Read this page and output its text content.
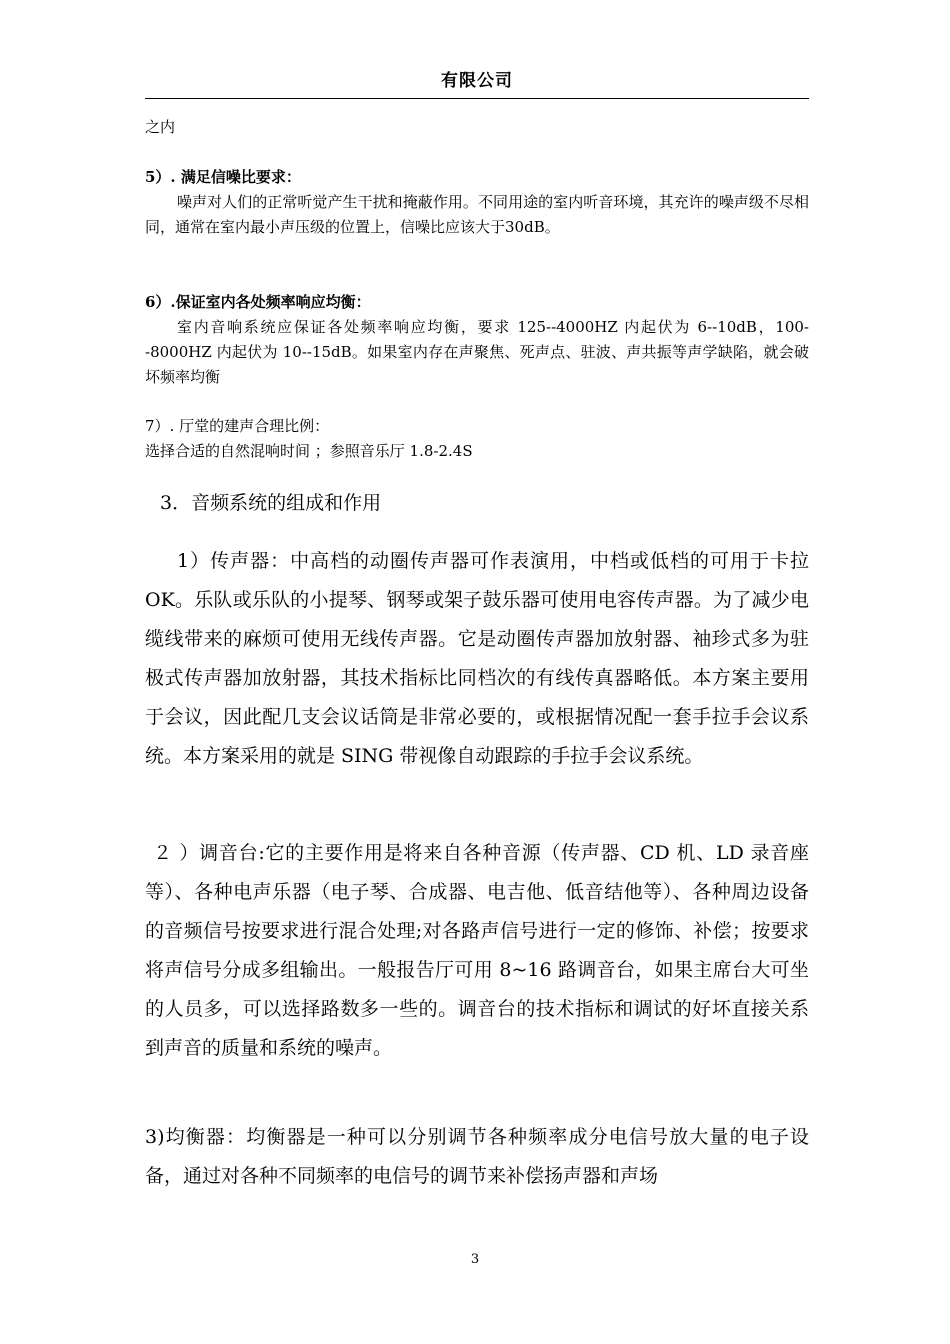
有限公司
之内

5）. 满足信噪比要求：

噪声对人们的正常听觉产生干扰和掩蔽作用。不同用途的室内听音环境，其充许的噪声级不尽相同，通常在室内最小声压级的位置上，信噪比应该大于30dB。

6）.保证室内各处频率响应均衡：

室内音响系统应保证各处频率响应均衡，要求 125--4000HZ 内起伏为 6--10dB，100--8000HZ 内起伏为 10--15dB。如果室内存在声聚焦、死声点、驻波、声共振等声学缺陷，就会破坏频率均衡

7）. 厅堂的建声合理比例：

选择合适的自然混响时间 ；参照音乐厅 1.8-2.4S

3．音频系统的组成和作用

1）传声器：中高档的动圈传声器可作表演用，中档或低档的可用于卡拉 OK。乐队或乐队的小提琴、钢琴或架子鼓乐器可使用电容传声器。为了减少电缆线带来的麻烦可使用无线传声器。它是动圈传声器加放射器、袖珍式多为驻极式传声器加放射器，其技术指标比同档次的有线传真器略低。本方案主要用于会议，因此配几支会议话筒是非常必要的，或根据情况配一套手拉手会议系统。本方案采用的就是 SING 带视像自动跟踪的手拉手会议系统。

２ ）调音台:它的主要作用是将来自各种音源（传声器、CD 机、LD 录音座等）、各种电声乐器（电子琴、合成器、电吉他、低音结他等）、各种周边设备的音频信号按要求进行混合处理;对各路声信号进行一定的修饰、补偿；按要求将声信号分成多组输出。一般报告厅可用 8~16 路调音台，如果主席台大可坐的人员多，可以选择路数多一些的。调音台的技术指标和调试的好坏直接关系到声音的质量和系统的噪声。

3)均衡器：均衡器是一种可以分别调节各种频率成分电信号放大量的电子设备，通过对各种不同频率的电信号的调节来补偿扬声器和声场

3
